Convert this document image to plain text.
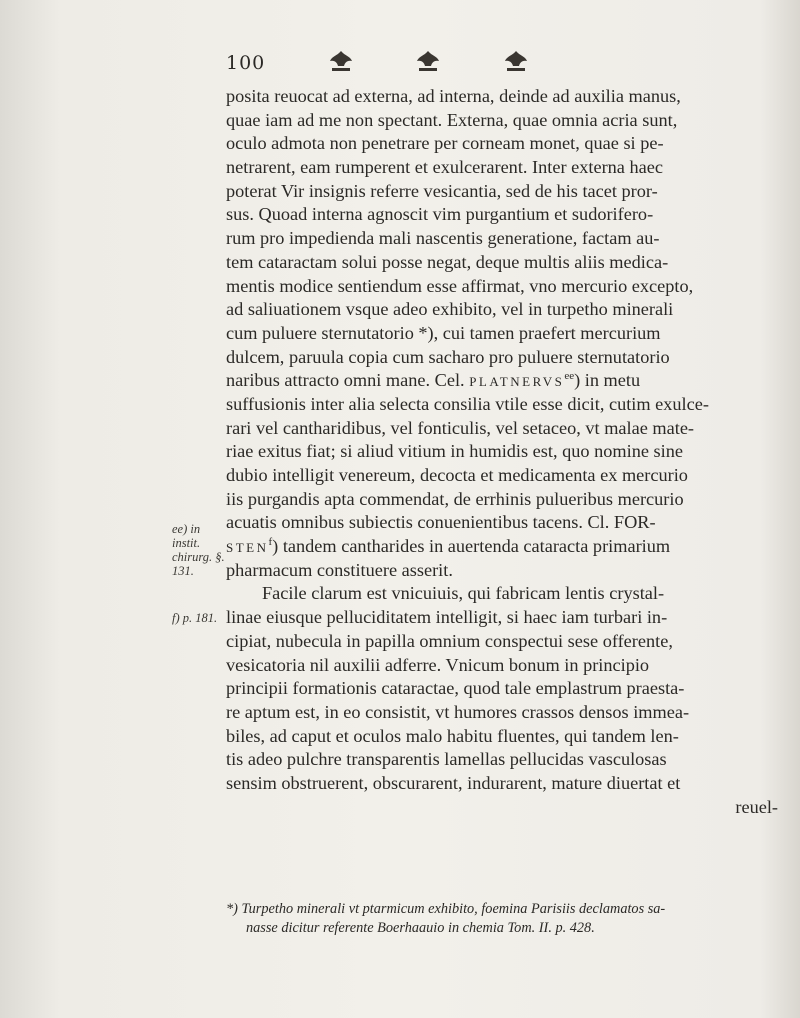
100
posita reuocat ad externa, ad interna, deinde ad auxilia manus,
quae iam ad me non spectant. Externa, quae omnia acria sunt,
oculo admota non penetrare per corneam monet, quae si pe-
netrarent, eam rumperent et exulcerarent. Inter externa haec
poterat Vir insignis referre vesicantia, sed de his tacet pror-
sus. Quoad interna agnoscit vim purgantium et sudorifero-
rum pro impedienda mali nascentis generatione, factam au-
tem cataractam solui posse negat, deque multis aliis medica-
mentis modice sentiendum esse affirmat, vno mercurio excepto,
ad saliuationem vsque adeo exhibito, vel in turpetho minerali
cum puluere sternutatorio *), cui tamen praefert mercurium
dulcem, paruula copia cum sacharo pro puluere sternutatorio
naribus attracto omni mane. Cel. $PLATNERVS^{ee}$) in metu
suffusionis inter alia selecta consilia vtile esse dicit, cutim exulce-
rari vel cantharidibus, vel fonticulis, vel setaceo, vt malae mate-
riae exitus fiat; si aliud vitium in humidis est, quo nomine sine
dubio intelligit venereum, decocta et medicamenta ex mercurio
iis purgandis apta commendat, de errhinis pulueribus mercurio
acuatis omnibus subiectis conuenientibus tacens. Cl. FOR-
STEN$^f$) tandem cantharides in auertenda cataracta primarium
pharmacum constituere asserit.
Facile clarum est vnicuiuis, qui fabricam lentis crystal-
linae eiusque pelluciditatem intelligit, si haec iam turbari in-
cipiat, nubecula in papilla omnium conspectui sese offerente,
vesicatoria nil auxilii adferre. Vnicum bonum in principio
principii formationis cataractae, quod tale emplastrum praesta-
re aptum est, in eo consistit, vt humores crassos densos immea-
biles, ad caput et oculos malo habitu fluentes, qui tandem len-
tis adeo pulchre transparentis lamellas pellucidas vasculosas
sensim obstruerent, obscurarent, indurarent, mature diuertat et
reuel-
ee) in instit.
chirurg. §.
131.
f) p. 181.
*) Turpetho minerali vt ptarmicum exhibito, foemina Parisiis declamatos sa-
nasse dicitur referente Boerhaauio in chemia Tom. II. p. 428.
